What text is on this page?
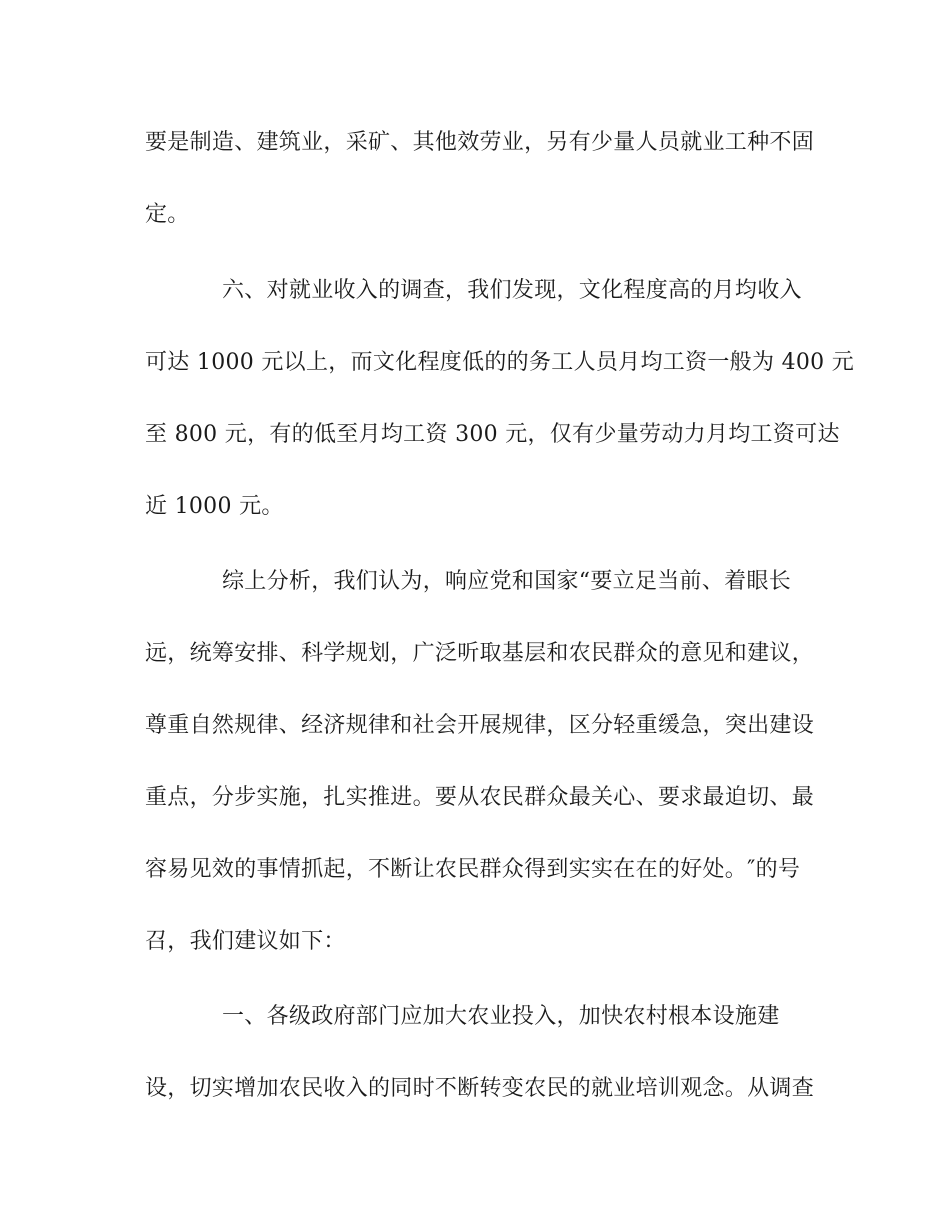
要是制造、建筑业，采矿、其他效劳业，另有少量人员就业工种不固
定。
六、对就业收入的调查，我们发现，文化程度高的月均收入
可达 1000 元以上，而文化程度低的的务工人员月均工资一般为 400 元
至 800 元，有的低至月均工资 300 元，仅有少量劳动力月均工资可达
近 1000 元。
综上分析，我们认为，响应党和国家“要立足当前、着眼长
远，统筹安排、科学规划，广泛听取基层和农民群众的意见和建议，
尊重自然规律、经济规律和社会开展规律，区分轻重缓急，突出建设
重点，分步实施，扎实推进。要从农民群众最关心、要求最迫切、最
容易见效的事情抓起，不断让农民群众得到实实在在的好处。″的号
召，我们建议如下：
一、各级政府部门应加大农业投入，加快农村根本设施建
设，切实增加农民收入的同时不断转变农民的就业培训观念。从调查
